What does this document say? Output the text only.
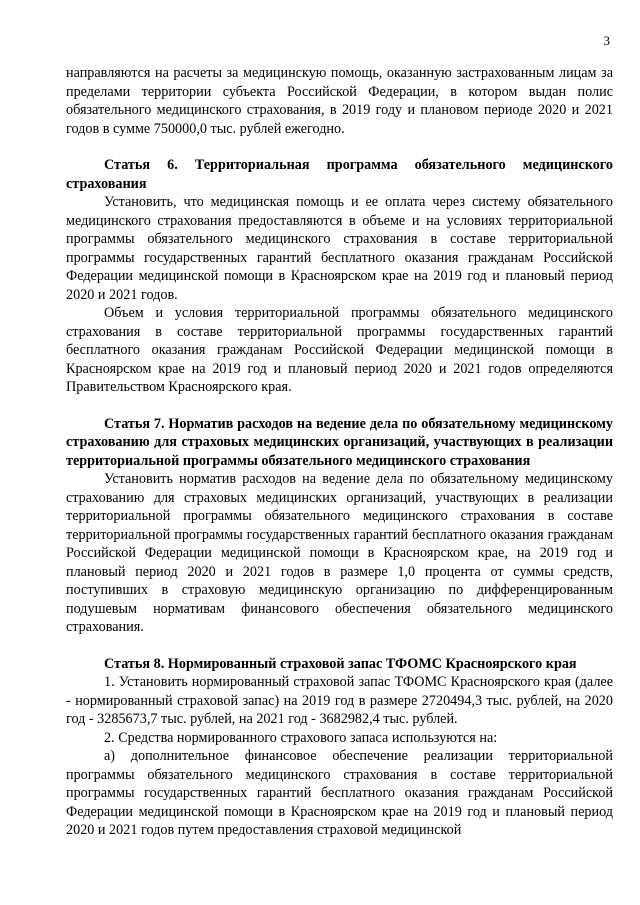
3

направляются на расчеты за медицинскую помощь, оказанную застрахованным лицам за пределами территории субъекта Российской Федерации, в котором выдан полис обязательного медицинского страхования, в 2019 году и плановом периоде 2020 и 2021 годов в сумме 750000,0 тыс. рублей ежегодно.

Статья 6. Территориальная программа обязательного медицинского страхования

Установить, что медицинская помощь и ее оплата через систему обязательного медицинского страхования предоставляются в объеме и на условиях территориальной программы обязательного медицинского страхования в составе территориальной программы государственных гарантий бесплатного оказания гражданам Российской Федерации медицинской помощи в Красноярском крае на 2019 год и плановый период 2020 и 2021 годов.

Объем и условия территориальной программы обязательного медицинского страхования в составе территориальной программы государственных гарантий бесплатного оказания гражданам Российской Федерации медицинской помощи в Красноярском крае на 2019 год и плановый период 2020 и 2021 годов определяются Правительством Красноярского края.

Статья 7. Норматив расходов на ведение дела по обязательному медицинскому страхованию для страховых медицинских организаций, участвующих в реализации территориальной программы обязательного медицинского страхования

Установить норматив расходов на ведение дела по обязательному медицинскому страхованию для страховых медицинских организаций, участвующих в реализации территориальной программы обязательного медицинского страхования в составе территориальной программы государственных гарантий бесплатного оказания гражданам Российской Федерации медицинской помощи в Красноярском крае, на 2019 год и плановый период 2020 и 2021 годов в размере 1,0 процента от суммы средств, поступивших в страховую медицинскую организацию по дифференцированным подушевым нормативам финансового обеспечения обязательного медицинского страхования.

Статья 8. Нормированный страховой запас ТФОМС Красноярского края

1. Установить нормированный страховой запас ТФОМС Красноярского края (далее - нормированный страховой запас) на 2019 год в размере 2720494,3 тыс. рублей, на 2020 год - 3285673,7 тыс. рублей, на 2021 год - 3682982,4 тыс. рублей.

2. Средства нормированного страхового запаса используются на:

а) дополнительное финансовое обеспечение реализации территориальной программы обязательного медицинского страхования в составе территориальной программы государственных гарантий бесплатного оказания гражданам Российской Федерации медицинской помощи в Красноярском крае на 2019 год и плановый период 2020 и 2021 годов путем предоставления страховой медицинской
